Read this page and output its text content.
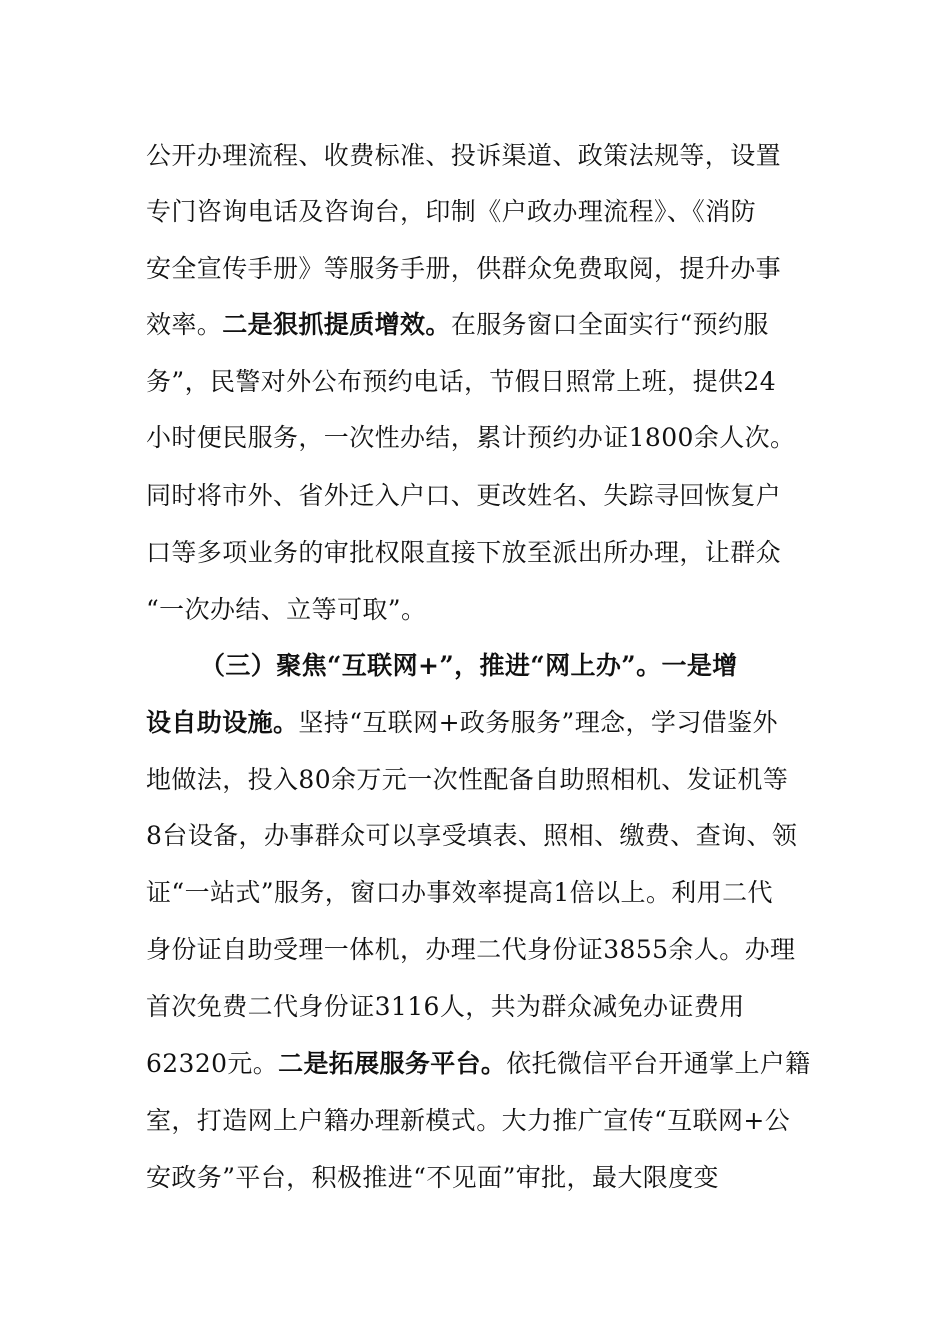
公开办理流程、收费标准、投诉渠道、政策法规等，设置
专门咨询电话及咨询台，印制《户政办理流程》、《消防
安全宣传手册》等服务手册，供群众免费取阅，提升办事
效率。二是狠抓提质增效。在服务窗口全面实行“预约服
务”，民警对外公布预约电话，节假日照常上班，提供24
小时便民服务，一次性办结，累计预约办证1800余人次。
同时将市外、省外迁入户口、更改姓名、失踪寻回恢复户
口等多项业务的审批权限直接下放至派出所办理，让群众
“一次办结、立等可取”。
（三）聚焦“互联网+”，推进“网上办”。一是增
设自助设施。坚持“互联网+政务服务”理念，学习借鉴外
地做法，投入80余万元一次性配备自助照相机、发证机等
8台设备，办事群众可以享受填表、照相、缴费、查询、领
证“一站式”服务，窗口办事效率提高1倍以上。利用二代
身份证自助受理一体机，办理二代身份证3855余人。办理
首次免费二代身份证3116人，共为群众减免办证费用
62320元。二是拓展服务平台。依托微信平台开通掌上户籍
室，打造网上户籍办理新模式。大力推广宣传“互联网+公
安政务”平台，积极推进“不见面”审批，最大限度变
